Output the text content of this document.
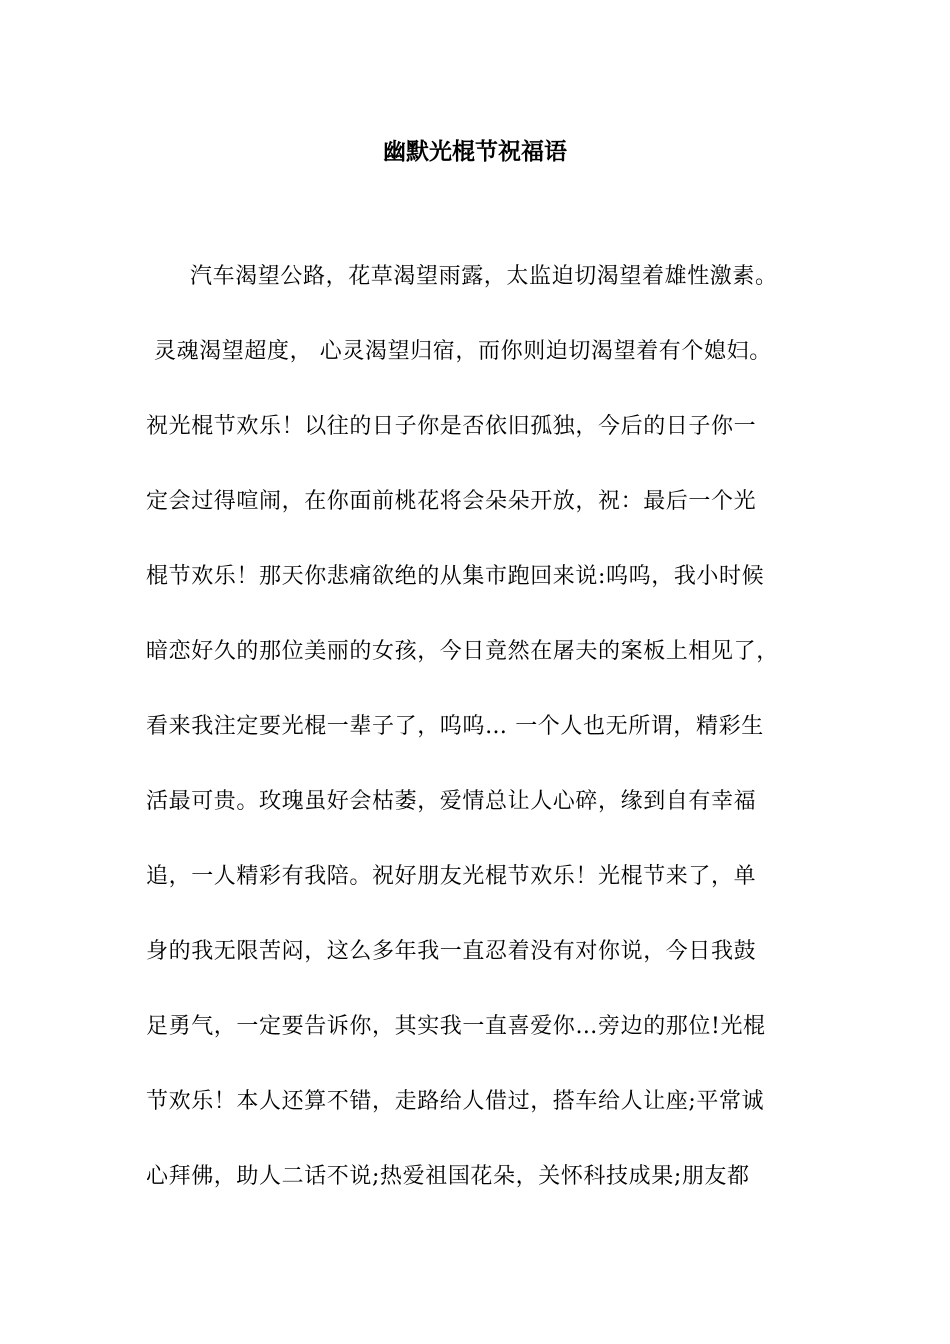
幽默光棍节祝福语
汽车渴望公路，花草渴望雨露，太监迫切渴望着雄性激素。
灵魂渴望超度， 心灵渴望归宿，而你则迫切渴望着有个媳妇。
祝光棍节欢乐！以往的日子你是否依旧孤独，今后的日子你一
定会过得喧闹，在你面前桃花将会朵朵开放，祝：最后一个光
棍节欢乐！那天你悲痛欲绝的从集市跑回来说:呜呜，我小时候
暗恋好久的那位美丽的女孩，今日竟然在屠夫的案板上相见了，
看来我注定要光棍一辈子了，呜呜… 一个人也无所谓，精彩生
活最可贵。玫瑰虽好会枯萎，爱情总让人心碎，缘到自有幸福
追，一人精彩有我陪。祝好朋友光棍节欢乐！光棍节来了，单
身的我无限苦闷，这么多年我一直忍着没有对你说，今日我鼓
足勇气，一定要告诉你，其实我一直喜爱你…旁边的那位!光棍
节欢乐！本人还算不错，走路给人借过，搭车给人让座;平常诚
心拜佛，助人二话不说;热爱祖国花朵，关怀科技成果;朋友都
